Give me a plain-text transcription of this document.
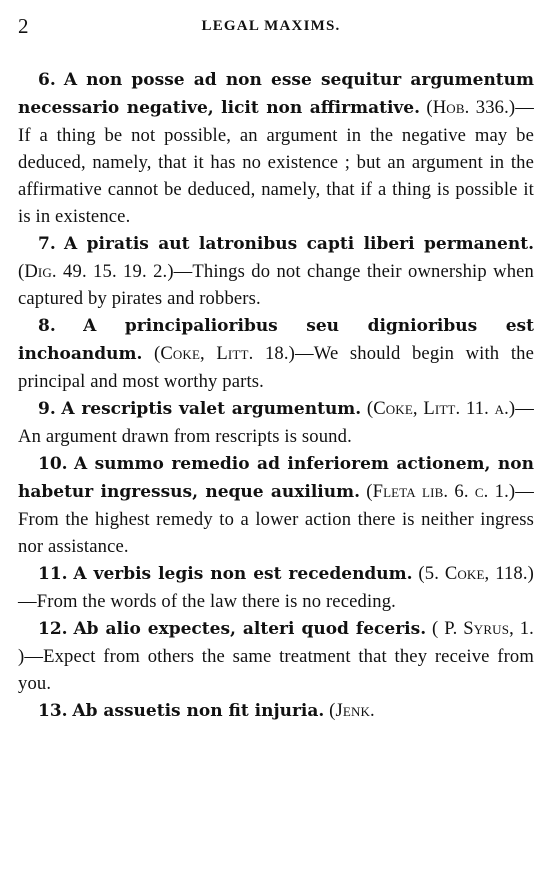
2	LEGAL MAXIMS.

6. A non posse ad non esse sequitur argumentum necessario negative, licit non affirmative. (Hob. 336.)—If a thing be not possible, an argument in the negative may be deduced, namely, that it has no existence ; but an argument in the affirmative cannot be deduced, namely, that if a thing is possible it is in existence.

7. A piratis aut latronibus capti liberi permanent. (Dig. 49. 15. 19. 2.)—Things do not change their ownership when captured by pirates and robbers.

8. A principalioribus seu dignioribus est inchoandum. (Coke, Litt. 18.)—We should begin with the principal and most worthy parts.

9. A rescriptis valet argumentum. (Coke, Litt. 11. a.)—An argument drawn from rescripts is sound.

10. A summo remedio ad inferiorem actionem, non habetur ingressus, neque auxilium. (Fleta lib. 6. c. 1.)—From the highest remedy to a lower action there is neither ingress nor assistance.

11. A verbis legis non est recedendum. (5. Coke, 118.)—From the words of the law there is no receding.

12. Ab alio expectes, alteri quod feceris. ( P. Syrus, 1. )—Expect from others the same treatment that they receive from you.

13. Ab assuetis non fit injuria. (Jenk.
